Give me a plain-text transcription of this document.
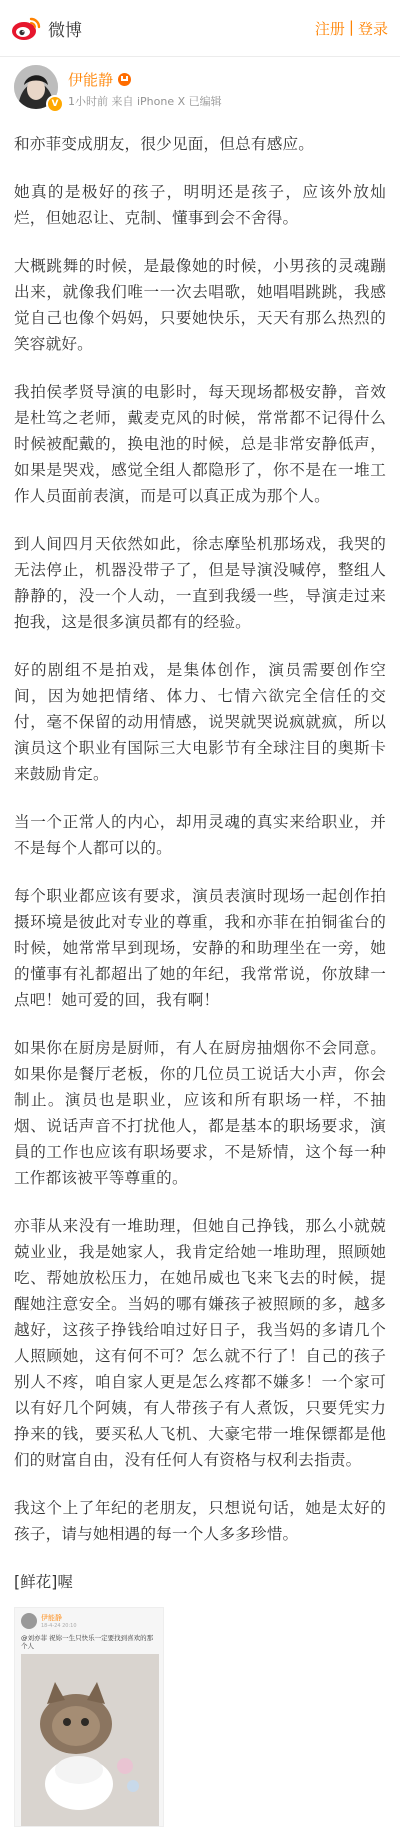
微博	注册 | 登录
V
伊能静
1小时前 来自 iPhone X 已编辑

和亦菲变成朋友，很少见面，但总有感应。

她真的是极好的孩子，明明还是孩子，应该外放灿烂，但她忍让、克制、懂事到会不舍得。

大概跳舞的时候，是最像她的时候，小男孩的灵魂蹦出来，就像我们唯一一次去唱歌，她唱唱跳跳，我感觉自己也像个妈妈，只要她快乐，天天有那么热烈的笑容就好。

我拍侯孝贤导演的电影时，每天现场都极安静，音效是杜笃之老师，戴麦克风的时候，常常都不记得什么时候被配戴的，换电池的时候，总是非常安静低声，如果是哭戏，感觉全组人都隐形了，你不是在一堆工作人员面前表演，而是可以真正成为那个人。

到人间四月天依然如此，徐志摩坠机那场戏，我哭的无法停止，机器没带子了，但是导演没喊停，整组人静静的，没一个人动，一直到我缓一些，导演走过来抱我，这是很多演员都有的经验。

好的剧组不是拍戏，是集体创作，演员需要创作空间，因为她把情绪、体力、七情六欲完全信任的交付，毫不保留的动用情感，说哭就哭说疯就疯，所以演员这个职业有国际三大电影节有全球注目的奥斯卡来鼓励肯定。

当一个正常人的内心，却用灵魂的真实来给职业，并不是每个人都可以的。

每个职业都应该有要求，演员表演时现场一起创作拍摄环境是彼此对专业的尊重，我和亦菲在拍铜雀台的时候，她常常早到现场，安静的和助理坐在一旁，她的懂事有礼都超出了她的年纪，我常常说，你放肆一点吧！她可爱的回，我有啊！

如果你在厨房是厨师，有人在厨房抽烟你不会同意。如果你是餐厅老板，你的几位员工说话大小声，你会制止。演员也是职业，应该和所有职场一样，不抽烟、说话声音不打扰他人，都是基本的职场要求，演員的工作也应该有职场要求，不是矫情，这个每一种工作都该被平等尊重的。

亦菲从来没有一堆助理，但她自己挣钱，那么小就兢兢业业，我是她家人，我肯定给她一堆助理，照顾她吃、帮她放松压力，在她吊威也飞来飞去的时候，提醒她注意安全。当妈的哪有嫌孩子被照顾的多，越多越好，这孩子挣钱给咱过好日子，我当妈的多请几个人照顾她，这有何不可？怎么就不行了！自己的孩子别人不疼，咱自家人更是怎么疼都不嫌多！一个家可以有好几个阿姨，有人带孩子有人煮饭，只要凭实力挣来的钱，要买私人飞机、大豪宅带一堆保镖都是他们的财富自由，没有任何人有资格与权利去指责。

我这个上了年纪的老朋友，只想说句话，她是太好的孩子，请与她相遇的每一个人多多珍惜。

[鲜花]喔

伊能静
18-4-24 20:10
@刘亦菲 祝妳一生只快乐一定要找到喜欢的那个人
